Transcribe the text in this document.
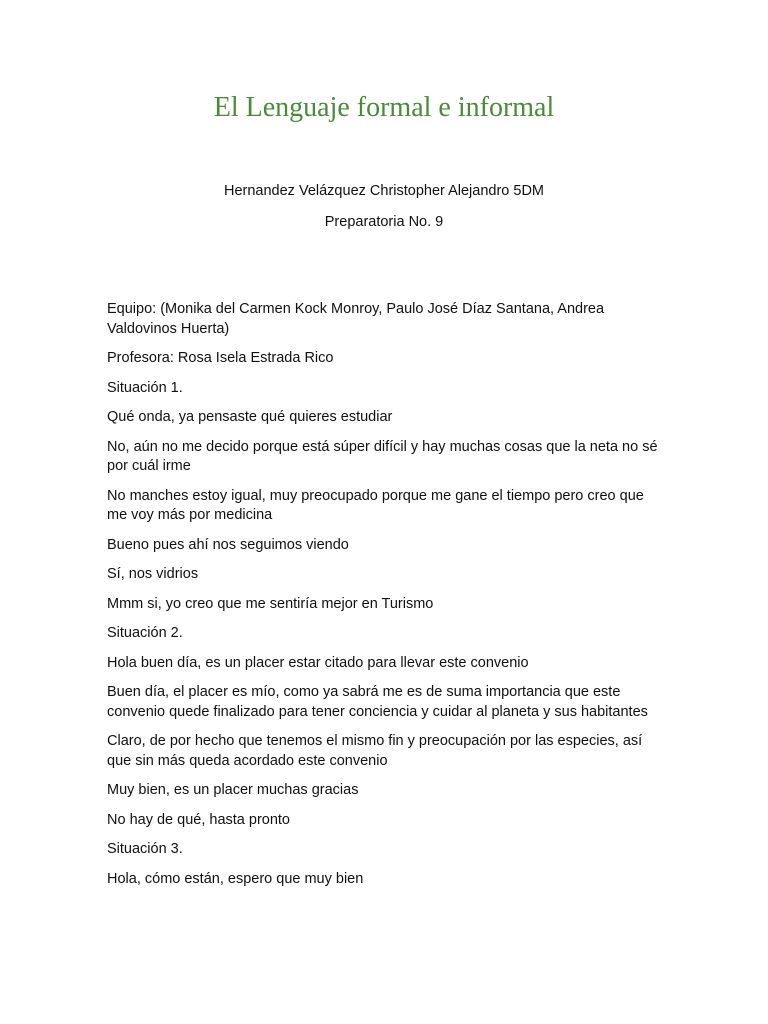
El Lenguaje formal e informal

Hernandez Velázquez Christopher Alejandro 5DM

Preparatoria No. 9

Equipo: (Monika del Carmen Kock Monroy, Paulo José Díaz Santana, Andrea Valdovinos Huerta)

Profesora: Rosa Isela Estrada Rico

Situación 1.

Qué onda, ya pensaste qué quieres estudiar

No, aún no me decido porque está súper difícil y hay muchas cosas que la neta no sé por cuál irme

No manches estoy igual, muy preocupado porque me gane el tiempo pero creo que me voy más por medicina

Bueno pues ahí nos seguimos viendo

Sí, nos vidrios

Mmm si, yo creo que me sentiría mejor en Turismo

Situación 2.

Hola buen día, es un placer estar citado para llevar este convenio

Buen día, el placer es mío, como ya sabrá me es de suma importancia que este convenio quede finalizado para tener conciencia y cuidar al planeta y sus habitantes

Claro, de por hecho que tenemos el mismo fin y preocupación por las especies, así que sin más queda acordado este convenio

Muy bien, es un placer muchas gracias

No hay de qué, hasta pronto

Situación 3.

Hola, cómo están, espero que muy bien
